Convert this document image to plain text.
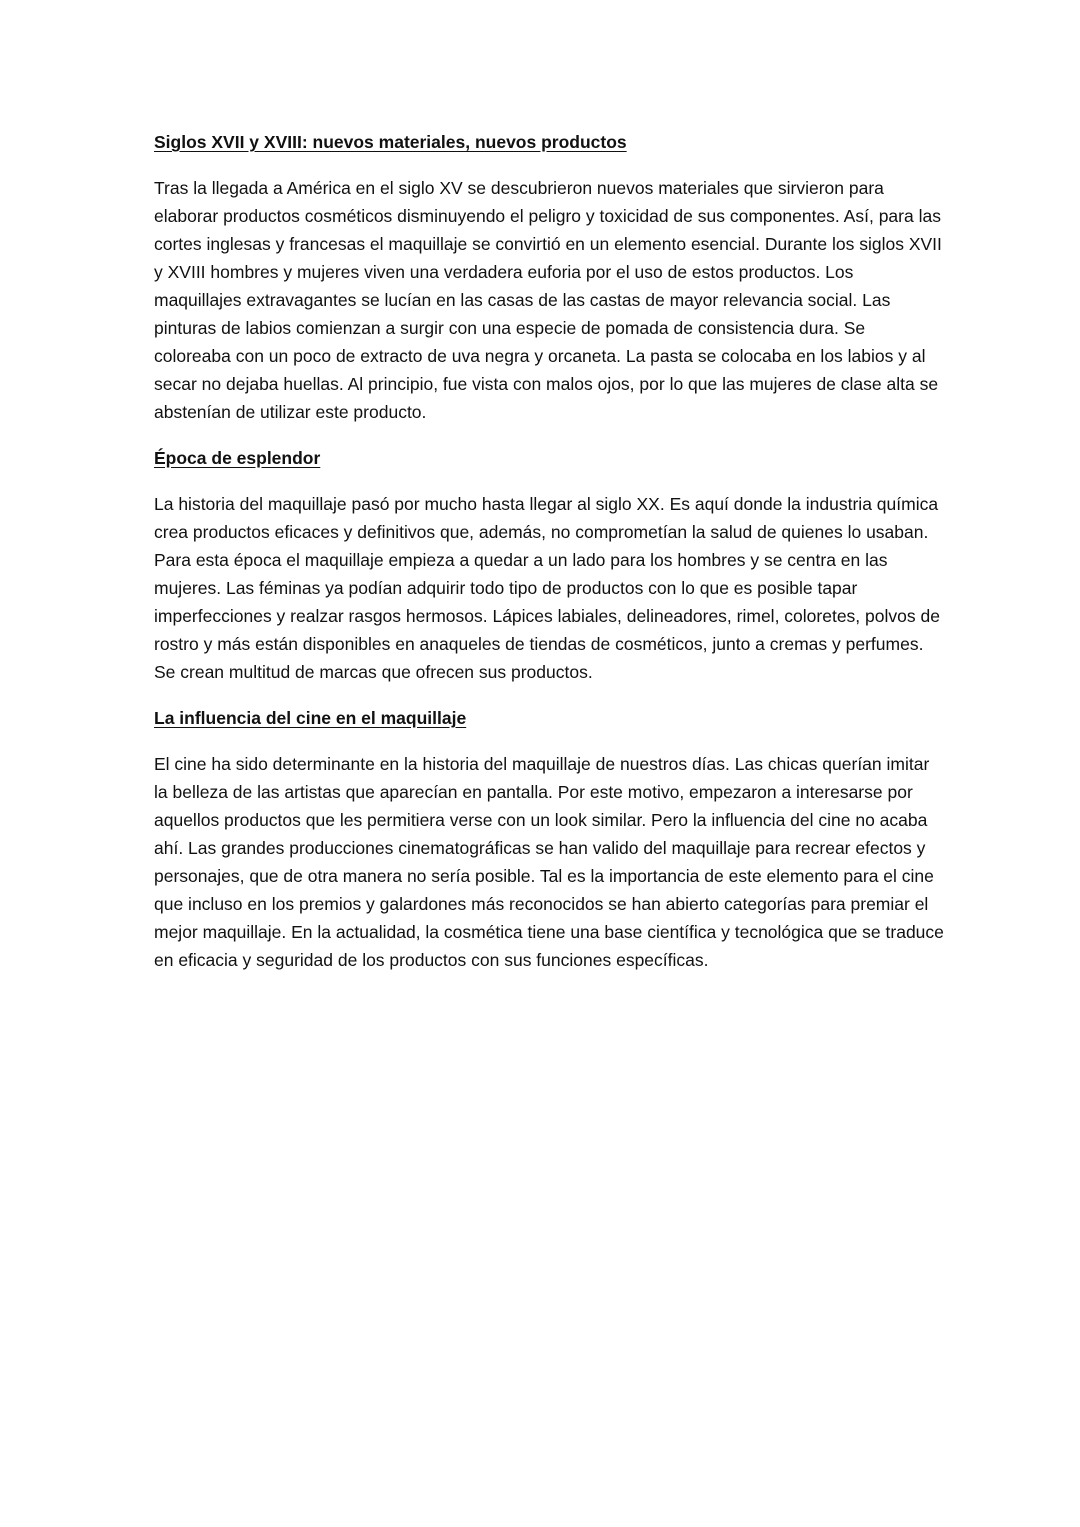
Siglos XVII y XVIII: nuevos materiales, nuevos productos

Tras la llegada a América en el siglo XV se descubrieron nuevos materiales que sirvieron para elaborar productos cosméticos disminuyendo el peligro y toxicidad de sus componentes. Así, para las cortes inglesas y francesas el maquillaje se convirtió en un elemento esencial. Durante los siglos XVII y XVIII hombres y mujeres viven una verdadera euforia por el uso de estos productos. Los maquillajes extravagantes se lucían en las casas de las castas de mayor relevancia social. Las pinturas de labios comienzan a surgir con una especie de pomada de consistencia dura. Se coloreaba con un poco de extracto de uva negra y orcaneta. La pasta se colocaba en los labios y al secar no dejaba huellas. Al principio, fue vista con malos ojos, por lo que las mujeres de clase alta se abstenían de utilizar este producto.

Época de esplendor

La historia del maquillaje pasó por mucho hasta llegar al siglo XX. Es aquí donde la industria química crea productos eficaces y definitivos que, además, no comprometían la salud de quienes lo usaban. Para esta época el maquillaje empieza a quedar a un lado para los hombres y se centra en las mujeres. Las féminas ya podían adquirir todo tipo de productos con lo que es posible tapar imperfecciones y realzar rasgos hermosos. Lápices labiales, delineadores, rimel, coloretes, polvos de rostro y más están disponibles en anaqueles de tiendas de cosméticos, junto a cremas y perfumes. Se crean multitud de marcas que ofrecen sus productos.

La influencia del cine en el maquillaje

El cine ha sido determinante en la historia del maquillaje de nuestros días. Las chicas querían imitar la belleza de las artistas que aparecían en pantalla. Por este motivo, empezaron a interesarse por aquellos productos que les permitiera verse con un look similar. Pero la influencia del cine no acaba ahí. Las grandes producciones cinematográficas se han valido del maquillaje para recrear efectos y personajes, que de otra manera no sería posible. Tal es la importancia de este elemento para el cine que incluso en los premios y galardones más reconocidos se han abierto categorías para premiar el mejor maquillaje. En la actualidad, la cosmética tiene una base científica y tecnológica que se traduce en eficacia y seguridad de los productos con sus funciones específicas.
